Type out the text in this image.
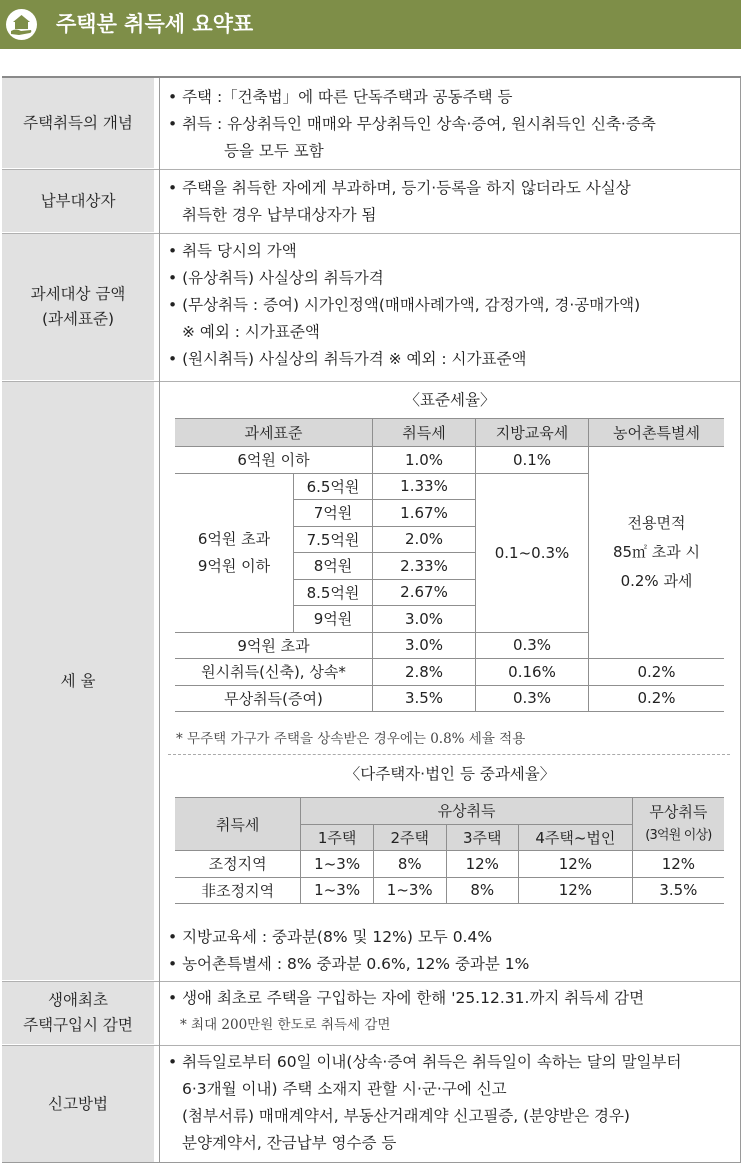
주택분 취득세 요약표
주택취득의 개념
• 주택 :「건축법」에 따른 단독주택과 공동주택 등
• 취득 : 유상취득인 매매와 무상취득인 상속·증여, 원시취득인 신축·증축
등을 모두 포함
납부대상자
• 주택을 취득한 자에게 부과하며, 등기·등록을 하지 않더라도 사실상
취득한 경우 납부대상자가 됨
과세대상 금액
(과세표준)
• 취득 당시의 가액
• (유상취득) 사실상의 취득가격
• (무상취득 : 증여) 시가인정액(매매사례가액, 감정가액, 경·공매가액)
※ 예외 : 시가표준액
• (원시취득) 사실상의 취득가격 ※ 예외 : 시가표준액
세 율
〈표준세율〉
과세표준		취득세	지방교육세	농어촌특별세
6억원 이하		1.0%	0.1%	전용면적
85㎡ 초과 시
0.2% 과세

6억원 초과
9억원 이하	6.5억원	1.33%	0.1~0.3%	
	7억원	1.67%		
	7.5억원	2.0%		
	8억원	2.33%		
	8.5억원	2.67%		
	9억원	3.0%		
9억원 초과		3.0%	0.3%	
원시취득(신축), 상속*		2.8%	0.16%	0.2%
무상취득(증여)		3.5%	0.3%	0.2%
* 무주택 가구가 주택을 상속받은 경우에는 0.8% 세율 적용
〈다주택자·법인 등 중과세율〉
취득세	유상취득				무상취득
(3억원 이상)

	1주택	2주택	3주택	4주택~법인	
조정지역	1~3%	8%	12%	12%	12%
非조정지역	1~3%	1~3%	8%	12%	3.5%
• 지방교육세 : 중과분(8% 및 12%) 모두 0.4%
• 농어촌특별세 : 8% 중과분 0.6%, 12% 중과분 1%
생애최초
주택구입시 감면
• 생애 최초로 주택을 구입하는 자에 한해 '25.12.31.까지 취득세 감면
* 최대 200만원 한도로 취득세 감면
신고방법
• 취득일로부터 60일 이내(상속·증여 취득은 취득일이 속하는 달의 말일부터
6·3개월 이내) 주택 소재지 관할 시·군·구에 신고
(첨부서류) 매매계약서, 부동산거래계약 신고필증, (분양받은 경우)
분양계약서, 잔금납부 영수증 등
